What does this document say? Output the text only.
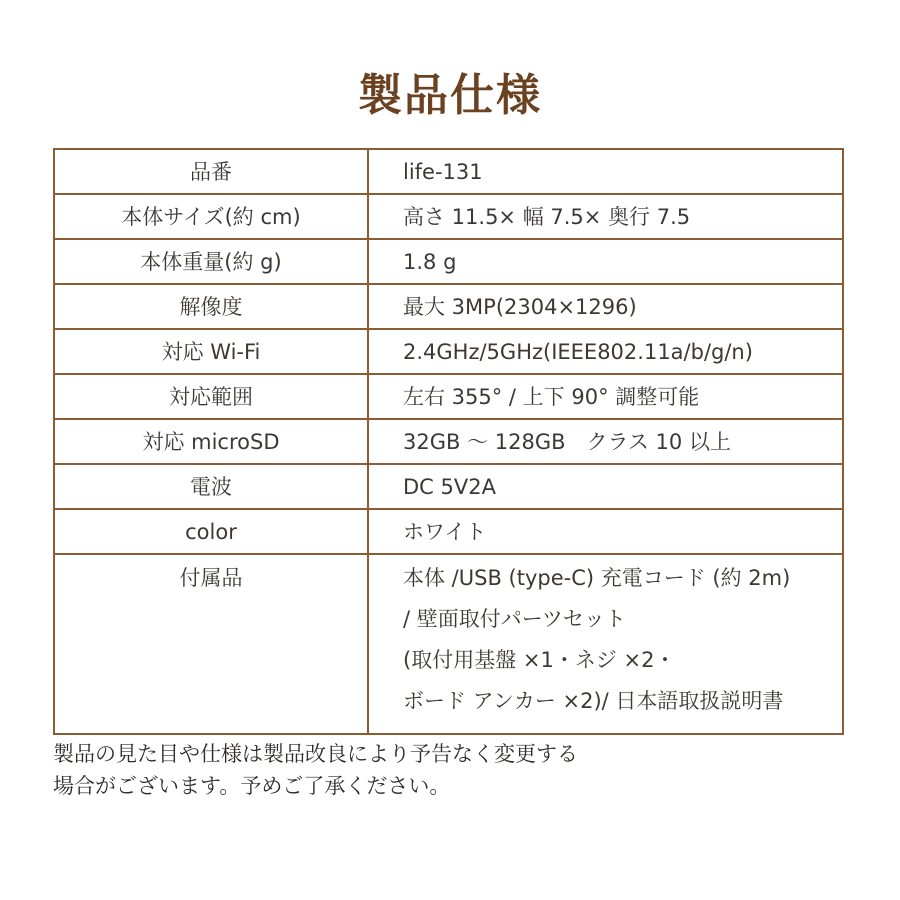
製品仕様
品番	life-131
本体サイズ(約 cm)	高さ 11.5× 幅 7.5× 奥行 7.5
本体重量(約 g)	1.8 g
解像度	最大 3MP(2304×1296)
対応 Wi-Fi	2.4GHz/5GHz(IEEE802.11a/b/g/n)
対応範囲	左右 355° / 上下 90° 調整可能
対応 microSD	32GB 〜 128GB　クラス 10 以上
電波	DC 5V2A
color	ホワイト
付属品	本体 /USB (type-C) 充電コード (約 2m)
/ 壁面取付パーツセット
(取付用基盤 ×1・ネジ ×2・
ボード アンカー ×2)/ 日本語取扱説明書
製品の見た目や仕様は製品改良により予告なく変更する
場合がございます。予めご了承ください。
